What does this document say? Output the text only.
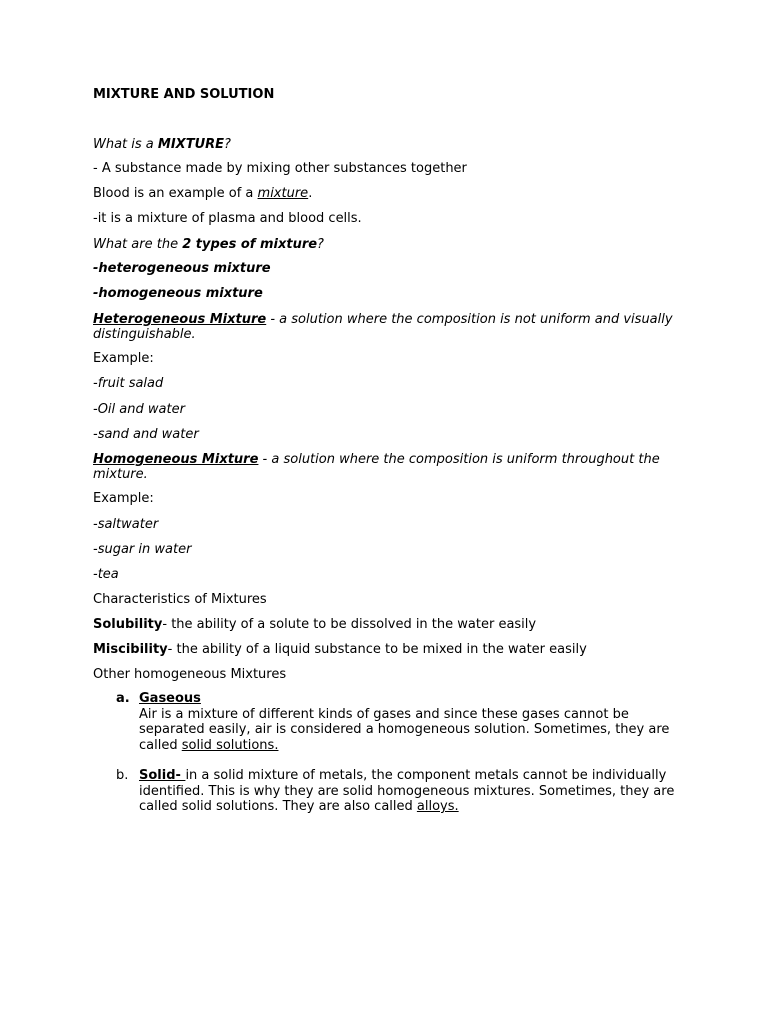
MIXTURE AND SOLUTION

What is a MIXTURE?

- A substance made by mixing other substances together

Blood is an example of a mixture.

-it is a mixture of plasma and blood cells.

What are the 2 types of mixture?

-heterogeneous mixture

-homogeneous mixture

Heterogeneous Mixture - a solution where the composition is not uniform and visually distinguishable.

Example:

-fruit salad

-Oil and water

-sand and water

Homogeneous Mixture - a solution where the composition is uniform throughout the mixture.

Example:

-saltwater

-sugar in water

-tea

Characteristics of Mixtures

Solubility- the ability of a solute to be dissolved in the water easily

Miscibility- the ability of a liquid substance to be mixed in the water easily

Other homogeneous Mixtures

a. Gaseous
Air is a mixture of different kinds of gases and since these gases cannot be separated easily, air is considered a homogeneous solution. Sometimes, they are called solid solutions.
b. Solid- in a solid mixture of metals, the component metals cannot be individually identified. This is why they are solid homogeneous mixtures. Sometimes, they are called solid solutions. They are also called alloys.
